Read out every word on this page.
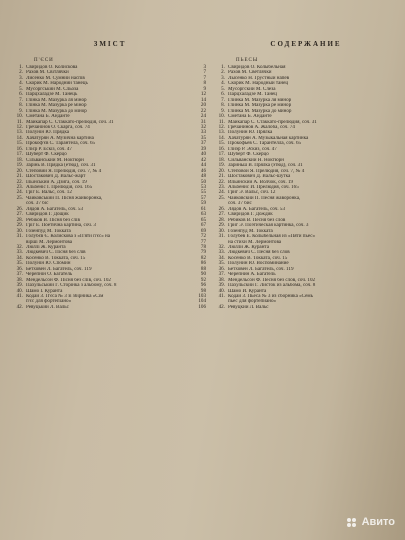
ЗМІСТ
П'ЄСИ
1. Свиридов О. Колискова	3
2. Рахов М. Світлячки	7
3. Лисенко М. Сумний наспів	7
4. Скорик М. Народний танець	8
5. Мусоргський М. Сльоза	9
6. Парцхаладзе М. Танець	12
7. Глінка М. Мазурка ля мінор	14
8. Глінка М. Мазурка ре мінор	20
9. Глінка М. Мазурка до мінор	22
10. Сметана Б. Андантe	24
11. Майкапар С. Стаккато-прелюдія, соч. 31	31
12. Гречанінов О. Скарга, соч. 74	32
13. Полунін Ю. Прядка	33
14. Хачатурян А. Музична картина	35
15. Прокоф'єв С. Тарантела, соч. 65	37
16. Глієр Р. Ескіз, соч. 47	39
17. Шуберт Ф. Скерцо	40
18. Сільванський М. Ноктюрн	42
19. Зарінь В. Прядка (етюд), соч. 31	44
20. Степовий Я. Прелюдія, соч. 7, № 4	46
21. Шостакович Д. Вальс-жарт	48
22. Ільїнський А. Дзига, соч. 19	50
23. Альбеніс І. Прелюдія, соч. 165	53
24. Гріг Е. Вальс, соч. 12	55
25. Чайковський П. Пісня жайворонка,	57
соч. 37 біс	59
26. Лядов А. Багатель, соч. 53	61
27. Свиридов Г. Дощик	63
28. Ребіков В. Пісня без слів	65
29. Гріг Е. Поетична картина, соч. 3	67
30. Гозенпуд М. Токката	69
31. Голубєв Є. Колискова з «П'яти п'єс» на	72
вірші М. Лермонтова	77
32. Люллі Ж. Куранта	78
33. Людкевич С. Пісня без слів	79
34. Косенко В. Токката, соч. 15	82
35. Полунін Ю. Спомин	86
36. Бетховен Л. Багатель, соч. 119	88
37. Черепнін О. Багатель	90
38. Мендельсон Ф. Пісня без слів, соч. 102	92
39. Пахульський Г. Сторінка з альбому, соч. 8	96
40. Шамо І. Куранта	98
41. Кодай З. П'єса № 3 зі збірника «Сім	103
п'єс для фортепіано»	104
42. Ревуцький Л. Вальс	106
СОДЕРЖАНИЕ
ПЬЕСЫ
1. Свиридов О. Колыбельная
2. Рахов М. Светлячки
3. Лысенко Н. Грустный напев
4. Скорик М. Народный танец
5. Мусоргский М. Слеза
6. Парцхаладзе М. Танец
7. Глинка М. Мазурка ля минор
8. Глинка М. Мазурка ре минор
9. Глинка М. Мазурка до минор
10. Сметана Б. Анданте
11. Майкапар С. Стаккато-прелюдия, соч. 31
12. Гречанинов А. Жалоба, соч. 74
13. Полунин Ю. Прялка
14. Хачатурян А. Музыкальная картинка
15. Прокофьев С. Тарантелла, соч. 65
16. Глиэр Р. Эскиз, соч. 47
17. Шуберт Ф. Скерцо
18. Сильванский Н. Ноктюрн
19. Зариньш В. Прялка (этюд), соч. 31
20. Степовой Я. Прелюдия, соч. 7, № 4
21. Шостакович Д. Вальс-шутка
22. Ильинский А. Волчок, соч. 19
23. Альбенис И. Прелюдия, соч. 165
24. Григ Э. Вальс, соч. 12
25. Чайковский П. Песня жаворонка,
соч. 37 бис
26. Лядов А. Багатель, соч. 53
27. Свиридов Г. Дождик
28. Ребиков В. Песня без слов
29. Григ Э. Поэтическая картинка, соч. 3
30. Гозенпуд М. Токката
31. Голубев Е. Колыбельная из «Пяти пьес»
на стихи М. Лермонтова
32. Люлли Ж. Куранта
33. Людкевич С. Песня без слов
34. Косенко В. Токката, соч. 15
35. Полунин Ю. Воспоминание
36. Бетховен Л. Багатель, соч. 119
37. Черепнин А. Багатель
38. Мендельсон Ф. Песня без слов, соч. 102
39. Пахульский Г. Листок из альбома, соч. 8
40. Шамо И. Куранта
41. Кодай З. Пьеса № 3 из сборника «Семь
пьес для фортепиано»
42. Ревуцкий Л. Вальс
Авито
